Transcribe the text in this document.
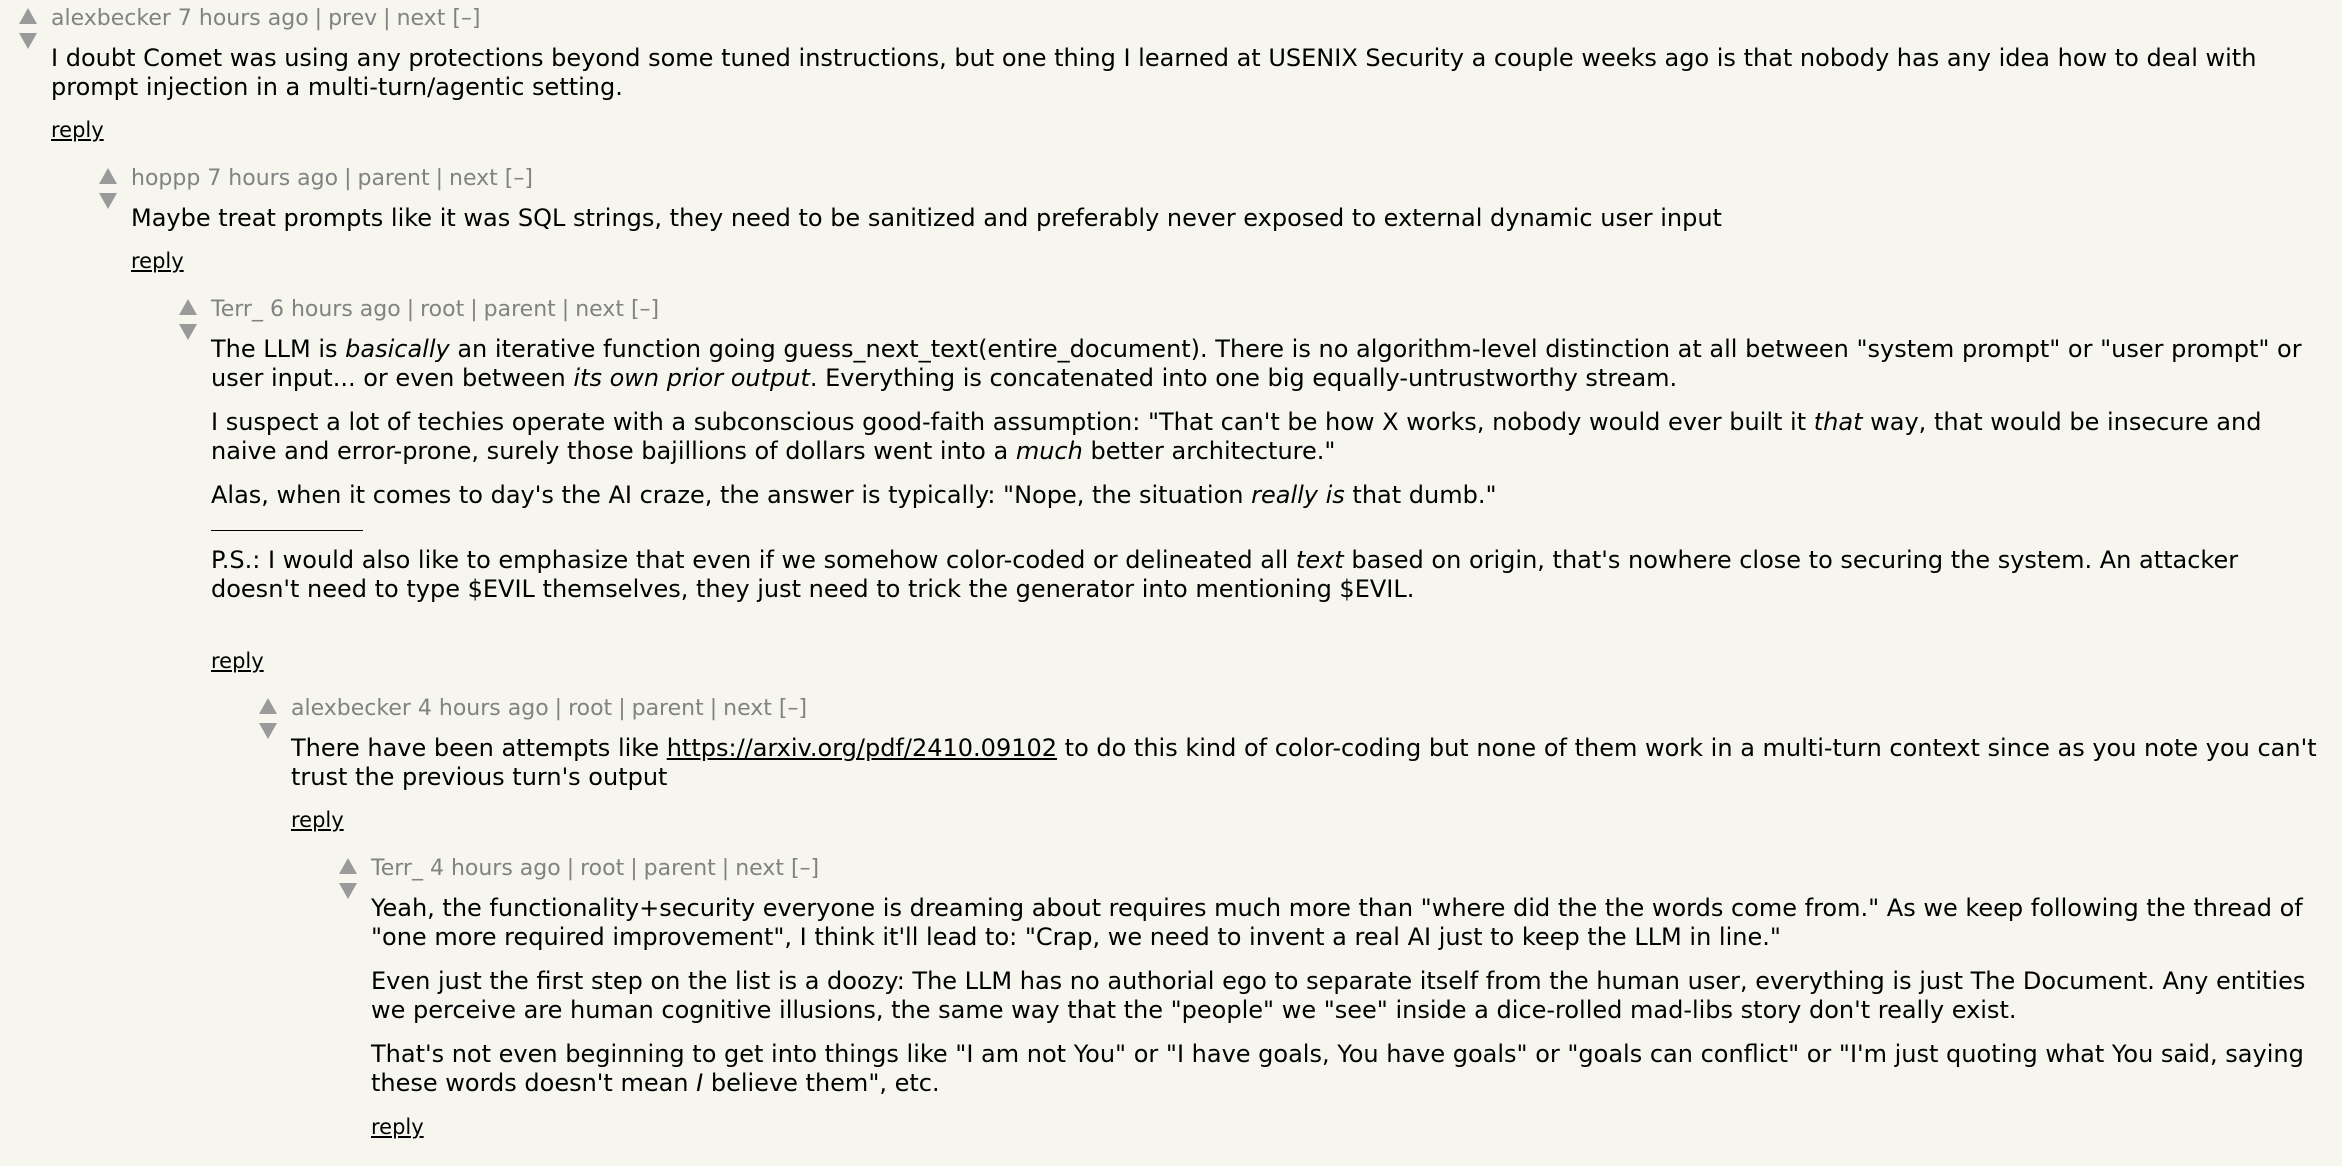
alexbecker 7 hours ago | prev | next [–]

I doubt Comet was using any protections beyond some tuned instructions, but one thing I learned at USENIX Security a couple weeks ago is that nobody has any idea how to deal with prompt injection in a multi-turn/agentic setting.

reply
hoppp 7 hours ago | parent | next [–]

Maybe treat prompts like it was SQL strings, they need to be sanitized and preferably never exposed to external dynamic user input

reply
Terr_ 6 hours ago | root | parent | next [–]

The LLM is basically an iterative function going guess_next_text(entire_document). There is no algorithm-level distinction at all between "system prompt" or "user prompt" or user input... or even between its own prior output. Everything is concatenated into one big equally-untrustworthy stream.

I suspect a lot of techies operate with a subconscious good-faith assumption: "That can't be how X works, nobody would ever built it that way, that would be insecure and naive and error-prone, surely those bajillions of dollars went into a much better architecture."

Alas, when it comes to day's the AI craze, the answer is typically: "Nope, the situation really is that dumb."

P.S.: I would also like to emphasize that even if we somehow color-coded or delineated all text based on origin, that's nowhere close to securing the system. An attacker doesn't need to type $EVIL themselves, they just need to trick the generator into mentioning $EVIL.

reply
alexbecker 4 hours ago | root | parent | next [–]

There have been attempts like https://arxiv.org/pdf/2410.09102 to do this kind of color-coding but none of them work in a multi-turn context since as you note you can't trust the previous turn's output

reply
Terr_ 4 hours ago | root | parent | next [–]

Yeah, the functionality+security everyone is dreaming about requires much more than "where did the the words come from." As we keep following the thread of "one more required improvement", I think it'll lead to: "Crap, we need to invent a real AI just to keep the LLM in line."

Even just the first step on the list is a doozy: The LLM has no authorial ego to separate itself from the human user, everything is just The Document. Any entities we perceive are human cognitive illusions, the same way that the "people" we "see" inside a dice-rolled mad-libs story don't really exist.

That's not even beginning to get into things like "I am not You" or "I have goals, You have goals" or "goals can conflict" or "I'm just quoting what You said, saying these words doesn't mean I believe them", etc.

reply
